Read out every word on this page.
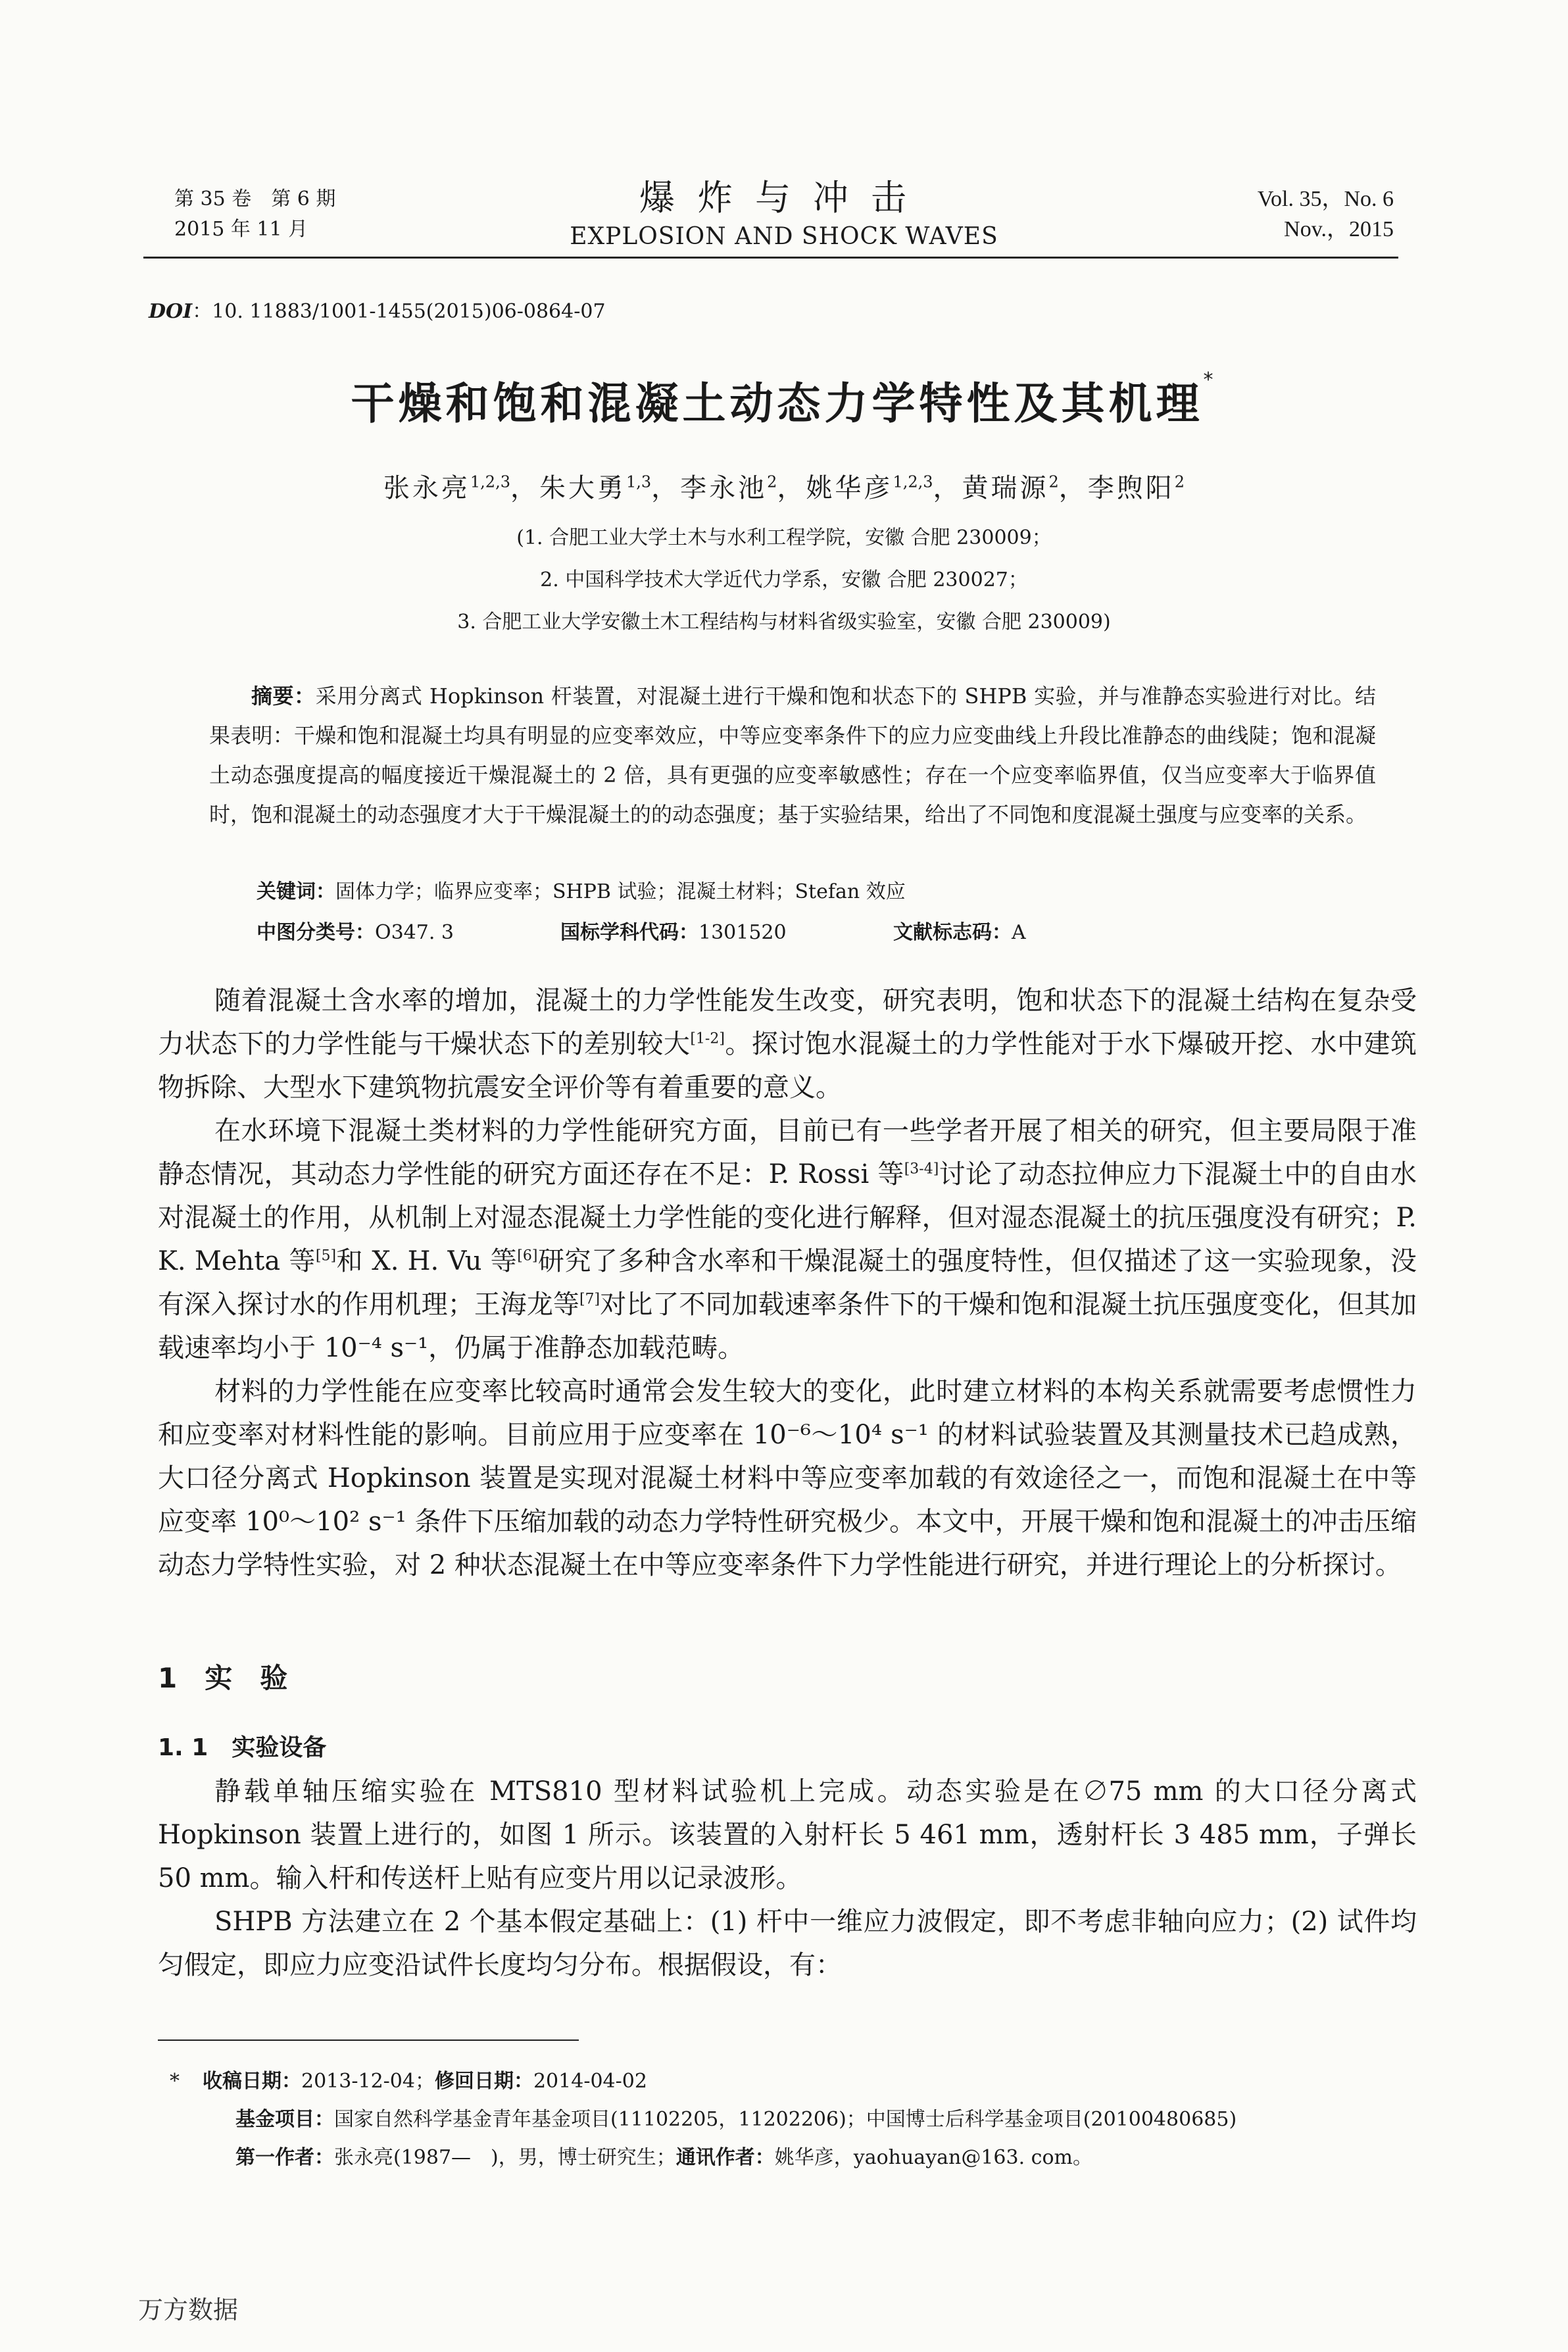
第 35 卷　第 6 期
2015 年 11 月
爆炸与冲击
EXPLOSION AND SHOCK WAVES
Vol. 35，No. 6
Nov.，2015
DOI：10. 11883/1001-1455(2015)06-0864-07
干燥和饱和混凝土动态力学特性及其机理*
张永亮$^{1,2,3}$，朱大勇$^{1,3}$，李永池$^2$，姚华彦$^{1,2,3}$，黄瑞源$^2$，李煦阳$^2$
(1. 合肥工业大学土木与水利工程学院，安徽 合肥 230009；
2. 中国科学技术大学近代力学系，安徽 合肥 230027；
3. 合肥工业大学安徽土木工程结构与材料省级实验室，安徽 合肥 230009)
摘要：采用分离式 Hopkinson 杆装置，对混凝土进行干燥和饱和状态下的 SHPB 实验，并与准静态实验进行对比。结果表明：干燥和饱和混凝土均具有明显的应变率效应，中等应变率条件下的应力应变曲线上升段比准静态的曲线陡；饱和混凝土动态强度提高的幅度接近干燥混凝土的 2 倍，具有更强的应变率敏感性；存在一个应变率临界值，仅当应变率大于临界值时，饱和混凝土的动态强度才大于干燥混凝土的的动态强度；基于实验结果，给出了不同饱和度混凝土强度与应变率的关系。
关键词：固体力学；临界应变率；SHPB 试验；混凝土材料；Stefan 效应
中图分类号：O347. 3	国标学科代码：1301520	文献标志码：A

随着混凝土含水率的增加，混凝土的力学性能发生改变，研究表明，饱和状态下的混凝土结构在复杂受力状态下的力学性能与干燥状态下的差别较大[1-2]。探讨饱水混凝土的力学性能对于水下爆破开挖、水中建筑物拆除、大型水下建筑物抗震安全评价等有着重要的意义。

在水环境下混凝土类材料的力学性能研究方面，目前已有一些学者开展了相关的研究，但主要局限于准静态情况，其动态力学性能的研究方面还存在不足：P. Rossi 等[3-4]讨论了动态拉伸应力下混凝土中的自由水对混凝土的作用，从机制上对湿态混凝土力学性能的变化进行解释，但对湿态混凝土的抗压强度没有研究；P. K. Mehta 等[5]和 X. H. Vu 等[6]研究了多种含水率和干燥混凝土的强度特性，但仅描述了这一实验现象，没有深入探讨水的作用机理；王海龙等[7]对比了不同加载速率条件下的干燥和饱和混凝土抗压强度变化，但其加载速率均小于 10⁻⁴ s⁻¹，仍属于准静态加载范畴。

材料的力学性能在应变率比较高时通常会发生较大的变化，此时建立材料的本构关系就需要考虑惯性力和应变率对材料性能的影响。目前应用于应变率在 10⁻⁶～10⁴ s⁻¹ 的材料试验装置及其测量技术已趋成熟，大口径分离式 Hopkinson 装置是实现对混凝土材料中等应变率加载的有效途径之一，而饱和混凝土在中等应变率 10⁰～10² s⁻¹ 条件下压缩加载的动态力学特性研究极少。本文中，开展干燥和饱和混凝土的冲击压缩动态力学特性实验，对 2 种状态混凝土在中等应变率条件下力学性能进行研究，并进行理论上的分析探讨。

1　实　验
1. 1　实验设备

静载单轴压缩实验在 MTS810 型材料试验机上完成。动态实验是在∅75 mm 的大口径分离式 Hopkinson 装置上进行的，如图 1 所示。该装置的入射杆长 5 461 mm，透射杆长 3 485 mm，子弹长 50 mm。输入杆和传送杆上贴有应变片用以记录波形。

SHPB 方法建立在 2 个基本假定基础上：(1) 杆中一维应力波假定，即不考虑非轴向应力；(2) 试件均匀假定，即应力应变沿试件长度均匀分布。根据假设，有：

*	收稿日期：2013-12-04；修回日期：2014-04-02
基金项目：国家自然科学基金青年基金项目(11102205，11202206)；中国博士后科学基金项目(20100480685)
第一作者：张永亮(1987—　)，男，博士研究生；通讯作者：姚华彦，yaohuayan@163. com。
万方数据
